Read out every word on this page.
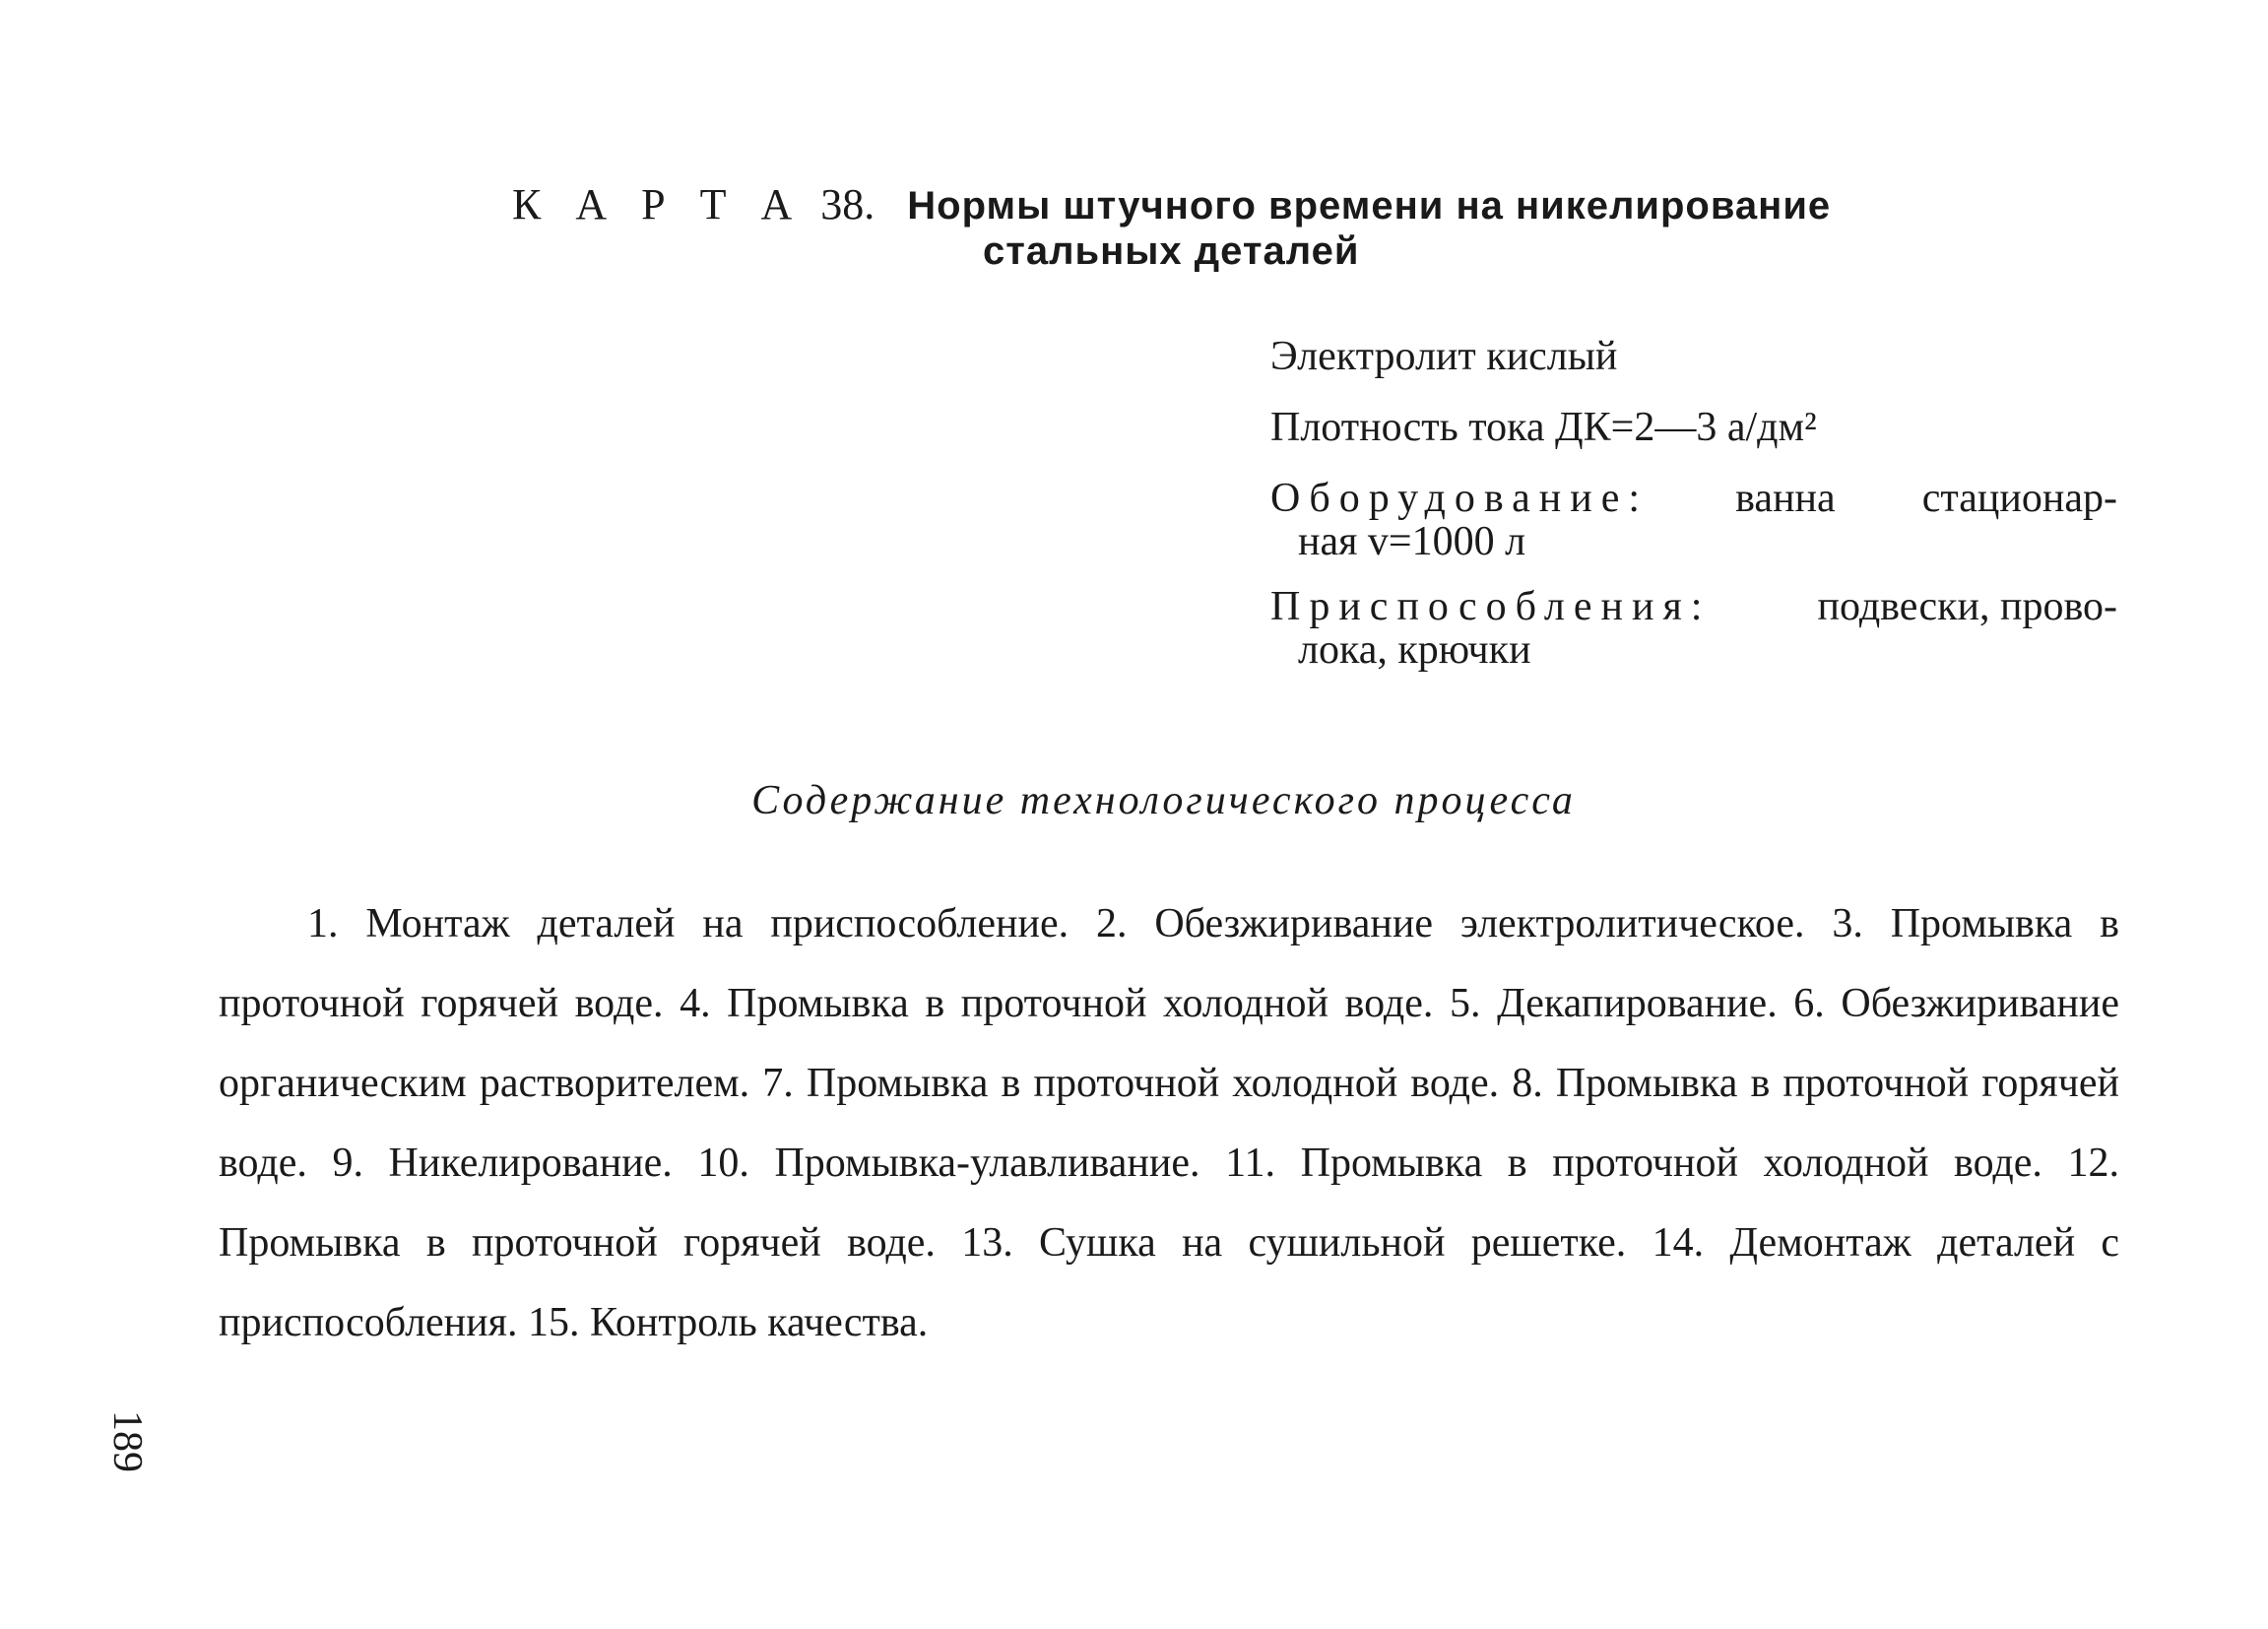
К А Р Т А 38. Нормы штучного времени на никелирование
стальных деталей
Электролит кислый
Плотность тока ДК=2—3 а/дм²
Оборудование: ванна стационар-
ная v=1000 л
Приспособления:	подвески, прово-
лока, крючки
Содержание технологического процесса
1. Монтаж деталей на приспособление. 2. Обезжиривание электролитическое. 3. Промывка в проточной горячей воде. 4. Промывка в проточной холодной воде. 5. Декапирование. 6. Обезжиривание органическим растворителем. 7. Промывка в проточной холодной воде. 8. Промывка в проточной горячей воде. 9. Никелирование. 10. Промывка-улавливание. 11. Промывка в проточной холодной воде. 12. Промывка в проточной горячей воде. 13. Сушка на сушильной решетке. 14. Демонтаж деталей с приспособления. 15. Контроль качества.
189
